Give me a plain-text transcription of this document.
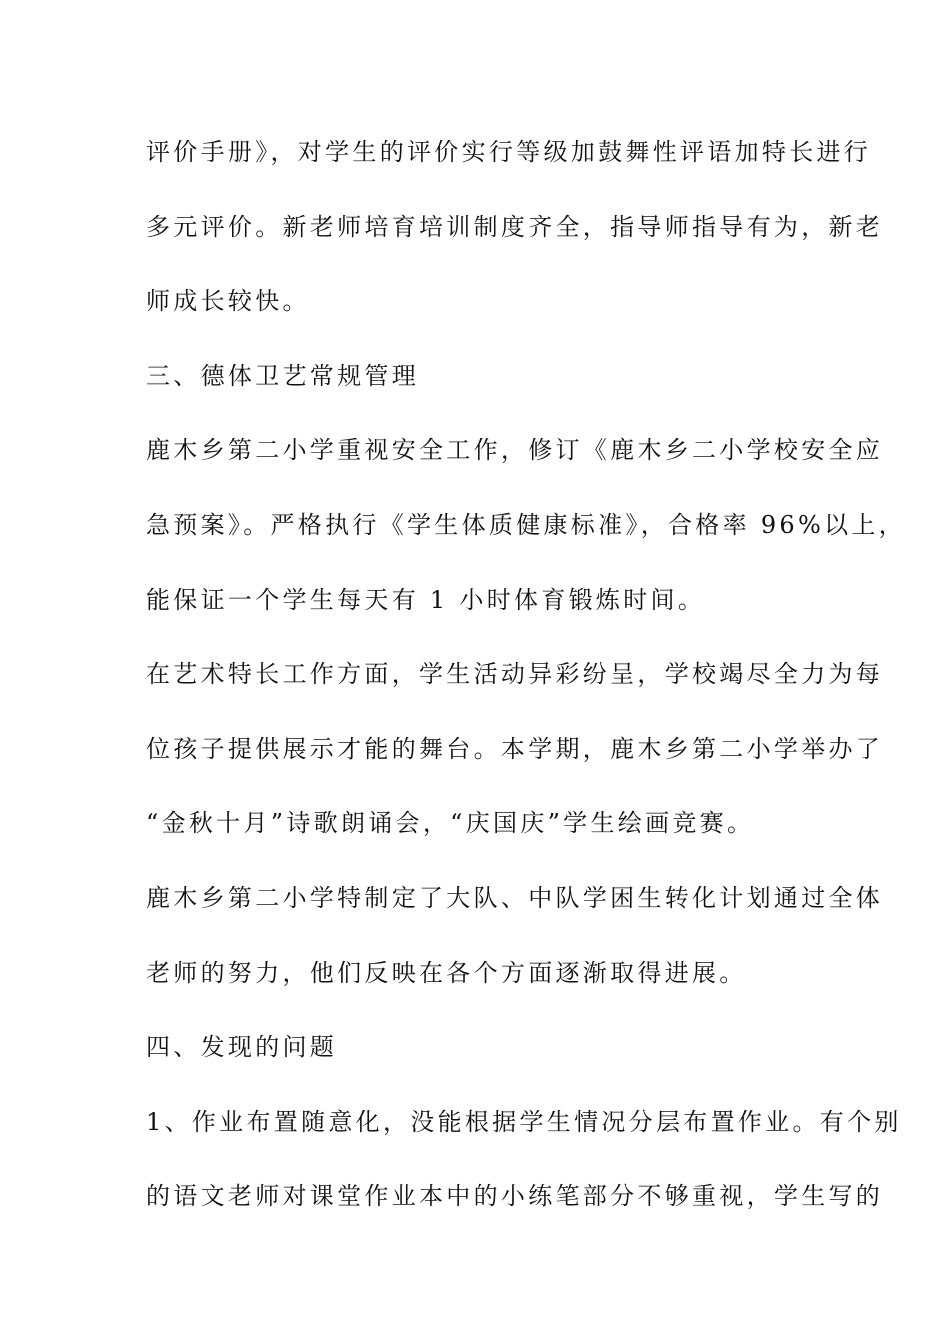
评价手册》，对学生的评价实行等级加鼓舞性评语加特长进行
多元评价。新老师培育培训制度齐全，指导师指导有为，新老
师成长较快。
三、德体卫艺常规管理
鹿木乡第二小学重视安全工作，修订《鹿木乡二小学校安全应
急预案》。严格执行《学生体质健康标准》，合格率 96%以上，
能保证一个学生每天有 1 小时体育锻炼时间。
在艺术特长工作方面，学生活动异彩纷呈，学校竭尽全力为每
位孩子提供展示才能的舞台。本学期，鹿木乡第二小学举办了
“金秋十月”诗歌朗诵会，“庆国庆”学生绘画竞赛。
鹿木乡第二小学特制定了大队、中队学困生转化计划通过全体
老师的努力，他们反映在各个方面逐渐取得进展。
四、发现的问题
1、作业布置随意化，没能根据学生情况分层布置作业。有个别
的语文老师对课堂作业本中的小练笔部分不够重视，学生写的
